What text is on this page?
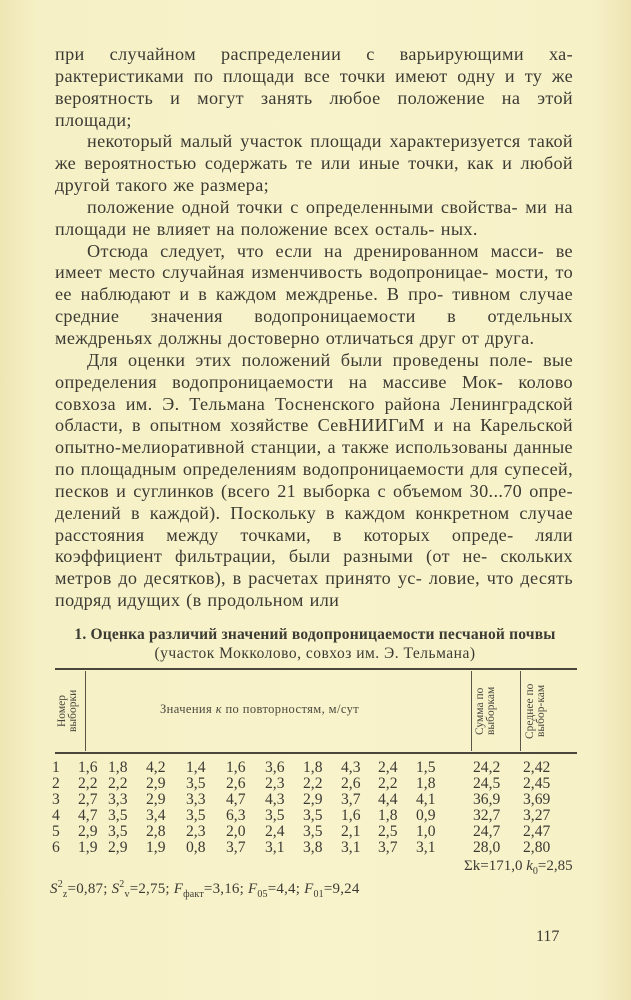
при случайном распределении с варьирующими ха- рактеристиками по площади все точки имеют одну и ту же вероятность и могут занять любое положение на этой площади;

некоторый малый участок площади характеризуется такой же вероятностью содержать те или иные точки, как и любой другой такого же размера;

положение одной точки с определенными свойства- ми на площади не влияет на положение всех осталь- ных.

Отсюда следует, что если на дренированном масси- ве имеет место случайная изменчивость водопроницае- мости, то ее наблюдают и в каждом междренье. В про- тивном случае средние значения водопроницаемости в отдельных междреньях должны достоверно отличаться друг от друга.

Для оценки этих положений были проведены поле- вые определения водопроницаемости на массиве Мок- колово совхоза им. Э. Тельмана Тосненского района Ленинградской области, в опытном хозяйстве СевНИИГиМ и на Карельской опытно-мелиоративной станции, а также использованы данные по площадным определениям водопроницаемости для супесей, песков и суглинков (всего 21 выборка с объемом 30...70 опре- делений в каждой). Поскольку в каждом конкретном случае расстояния между точками, в которых опреде- ляли коэффициент фильтрации, были разными (от не- скольких метров до десятков), в расчетах принято ус- ловие, что десять подряд идущих (в продольном или

1. Оценка различий значений водопроницаемости песчаной почвы
(участок Мокколово, совхоз им. Э. Тельмана)
Номер выборки	Значения к по повторностям, м/сут	Сумма по выборкам	Среднее по выбор-кам
1 1,6 1,8 4,2 1,4 1,6 3,6 1,8 4,3 2,4 1,5 24,2 2,42
2 2,2 2,2 2,9 3,5 2,6 2,3 2,2 2,6 2,2 1,8 24,5 2,45
3 2,7 3,3 2,9 3,3 4,7 4,3 2,9 3,7 4,4 4,1 36,9 3,69
4 4,7 3,5 3,4 3,5 6,3 3,5 3,5 1,6 1,8 0,9 32,7 3,27
5 2,9 3,5 2,8 2,3 2,0 2,4 3,5 2,1 2,5 1,0 24,7 2,47
6 1,9 2,9 1,9 0,8 3,7 3,1 3,8 3,1 3,7 3,1 28,0 2,80
Σk=171,0 $k_0=2,85$
$S^2_z=0,87$; $S^2_v=2,75$; $F_{факт}=3,16$; $F_{05}=4,4$; $F_{01}=9,24$
117
